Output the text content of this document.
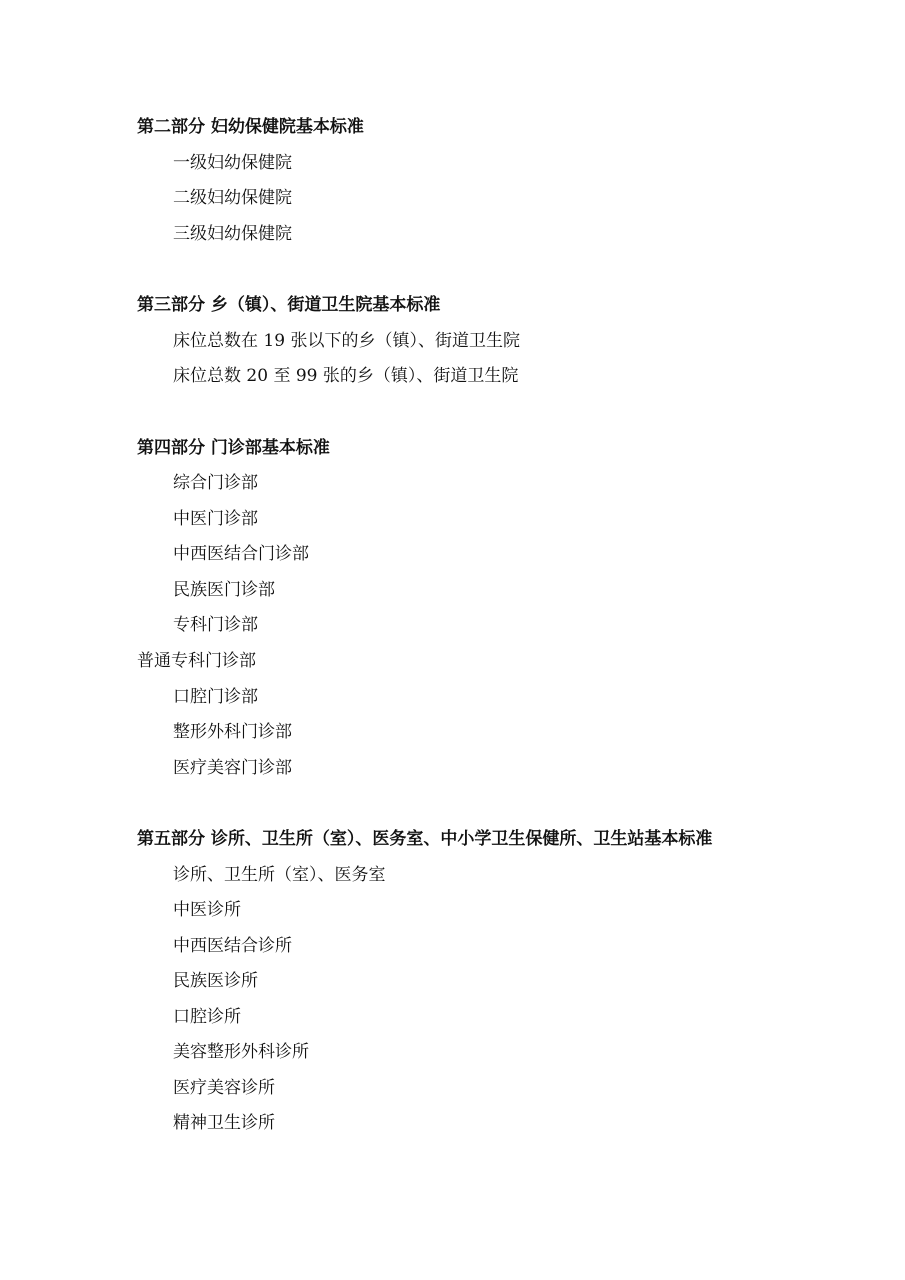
第二部分 妇幼保健院基本标准
一级妇幼保健院
二级妇幼保健院
三级妇幼保健院
第三部分 乡（镇）、街道卫生院基本标准
床位总数在 19 张以下的乡（镇）、街道卫生院
床位总数 20 至 99 张的乡（镇）、街道卫生院
第四部分 门诊部基本标准
综合门诊部
中医门诊部
中西医结合门诊部
民族医门诊部
专科门诊部
普通专科门诊部
口腔门诊部
整形外科门诊部
医疗美容门诊部
第五部分 诊所、卫生所（室）、医务室、中小学卫生保健所、卫生站基本标准
诊所、卫生所（室）、医务室
中医诊所
中西医结合诊所
民族医诊所
口腔诊所
美容整形外科诊所
医疗美容诊所
精神卫生诊所
